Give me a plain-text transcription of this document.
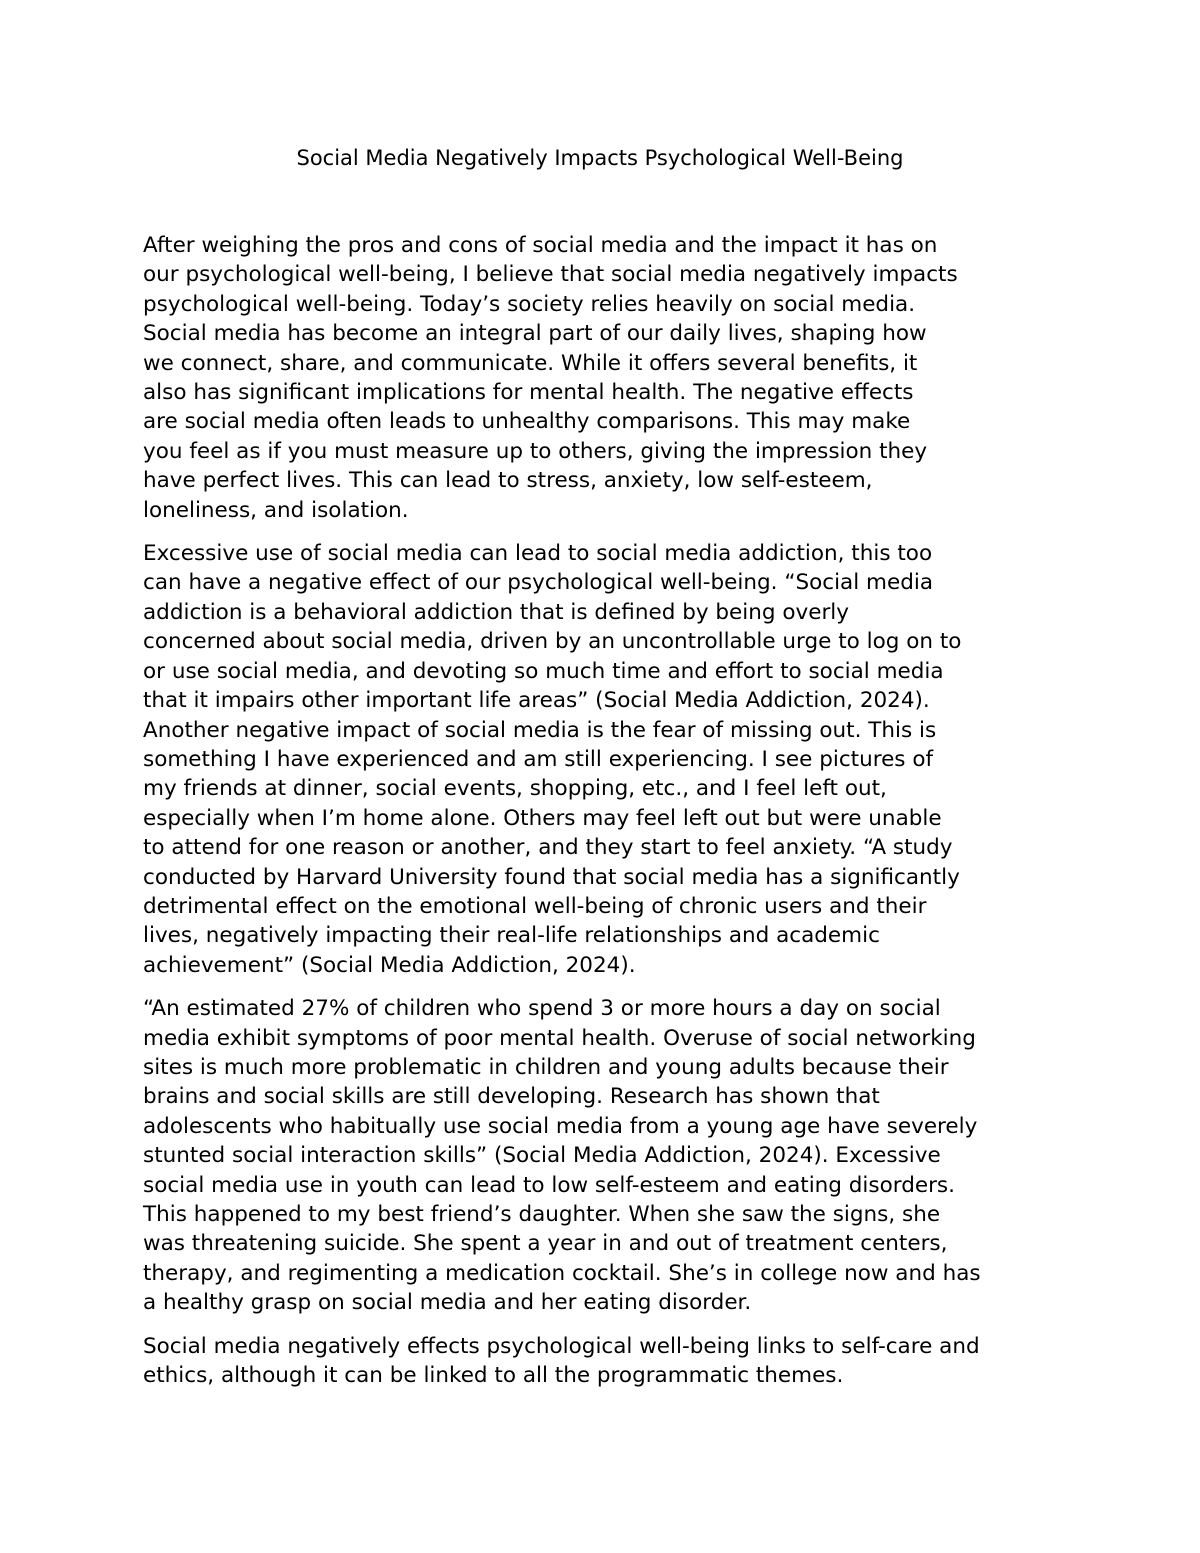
Social Media Negatively Impacts Psychological Well-Being
After weighing the pros and cons of social media and the impact it has on
our psychological well-being, I believe that social media negatively impacts
psychological well-being. Today’s society relies heavily on social media.
Social media has become an integral part of our daily lives, shaping how
we connect, share, and communicate. While it offers several benefits, it
also has significant implications for mental health. The negative effects
are social media often leads to unhealthy comparisons. This may make
you feel as if you must measure up to others, giving the impression they
have perfect lives. This can lead to stress, anxiety, low self-esteem,
loneliness, and isolation.
Excessive use of social media can lead to social media addiction, this too
can have a negative effect of our psychological well-being. “Social media
addiction is a behavioral addiction that is defined by being overly
concerned about social media, driven by an uncontrollable urge to log on to
or use social media, and devoting so much time and effort to social media
that it impairs other important life areas” (Social Media Addiction, 2024).
Another negative impact of social media is the fear of missing out. This is
something I have experienced and am still experiencing. I see pictures of
my friends at dinner, social events, shopping, etc., and I feel left out,
especially when I’m home alone. Others may feel left out but were unable
to attend for one reason or another, and they start to feel anxiety. “A study
conducted by Harvard University found that social media has a significantly
detrimental effect on the emotional well-being of chronic users and their
lives, negatively impacting their real-life relationships and academic
achievement” (Social Media Addiction, 2024).
“An estimated 27% of children who spend 3 or more hours a day on social
media exhibit symptoms of poor mental health. Overuse of social networking
sites is much more problematic in children and young adults because their
brains and social skills are still developing. Research has shown that
adolescents who habitually use social media from a young age have severely
stunted social interaction skills” (Social Media Addiction, 2024). Excessive
social media use in youth can lead to low self-esteem and eating disorders.
This happened to my best friend’s daughter. When she saw the signs, she
was threatening suicide. She spent a year in and out of treatment centers,
therapy, and regimenting a medication cocktail. She’s in college now and has
a healthy grasp on social media and her eating disorder.
Social media negatively effects psychological well-being links to self-care and
ethics, although it can be linked to all the programmatic themes.
